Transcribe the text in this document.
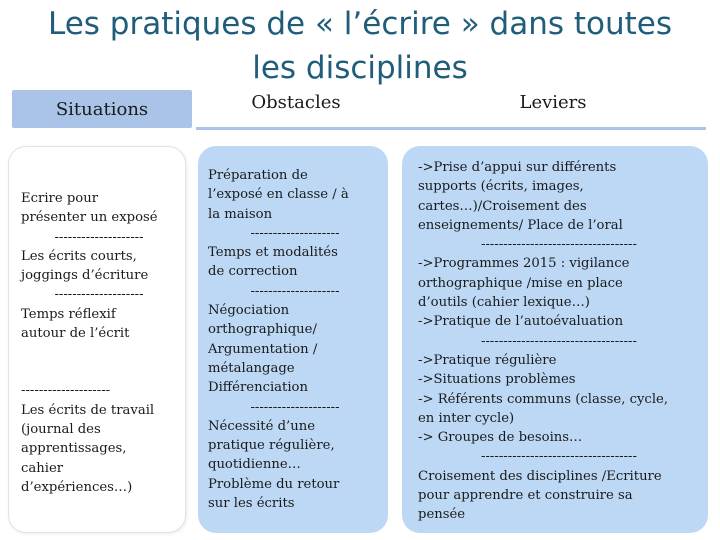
Les pratiques de « l’écrire » dans toutes
les disciplines
Situations	Obstacles	Leviers
Ecrire pour
présenter un exposé
--------------------
Les écrits courts,
joggings d’écriture
--------------------
Temps réflexif
autour de l’écrit
--------------------
Les écrits de travail
(journal des
apprentissages,
cahier
d’expériences…)
Préparation de
l’exposé en classe / à
la maison
--------------------
Temps et modalités
de correction
--------------------
Négociation
orthographique/
Argumentation /
métalangage
Différenciation
--------------------
Nécessité d’une
pratique régulière,
quotidienne…
Problème du retour
sur les écrits
->Prise d’appui sur différents
supports (écrits, images,
cartes…)/Croisement des
enseignements/ Place de l’oral
-----------------------------------
->Programmes 2015 : vigilance
orthographique /mise en place
d’outils (cahier lexique…)
->Pratique de l’autoévaluation
-----------------------------------
->Pratique régulière
->Situations problèmes
-> Référents communs (classe, cycle,
en inter cycle)
-> Groupes de besoins…
-----------------------------------
Croisement des disciplines /Ecriture
pour apprendre et construire sa
pensée
